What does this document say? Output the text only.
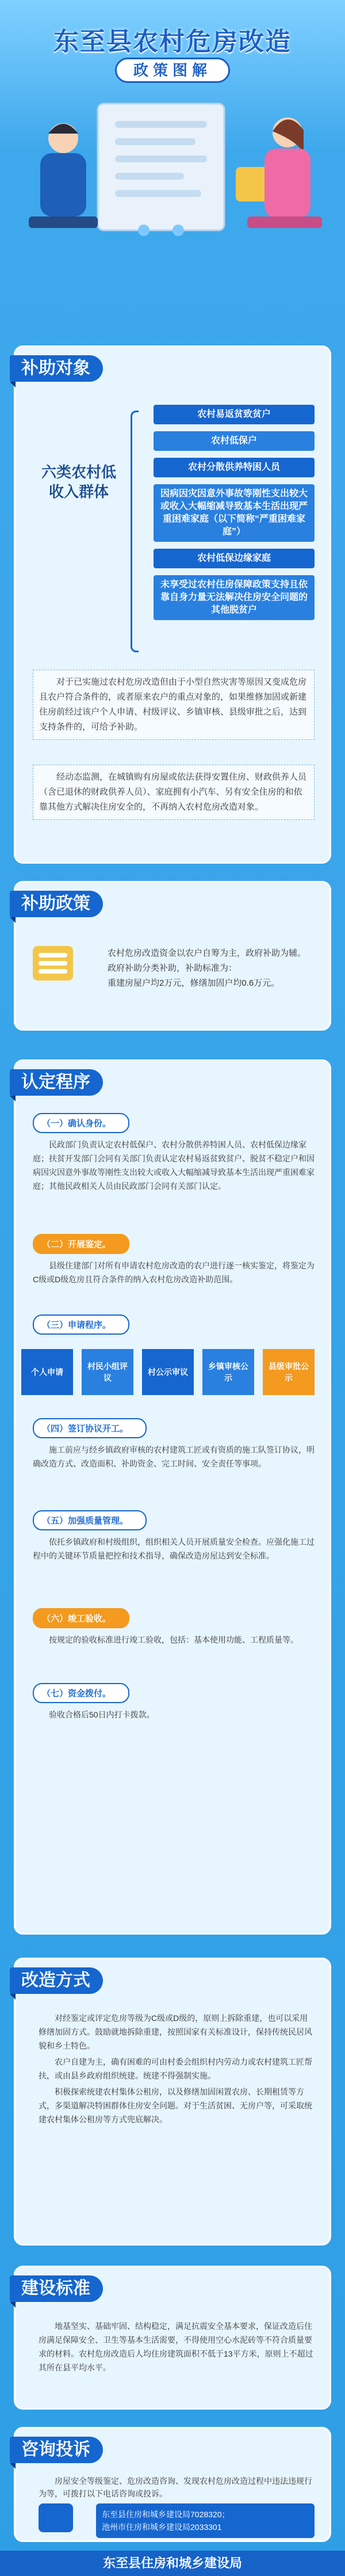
东至县农村危房改造
政策图解
补助对象
六类农村低收入群体
农村易返贫致贫户
农村低保户
农村分散供养特困人员
因病因灾因意外事故等刚性支出较大或收入大幅缩减导致基本生活出现严重困难家庭（以下简称“严重困难家庭”）
农村低保边缘家庭
未享受过农村住房保障政策支持且依靠自身力量无法解决住房安全问题的其他脱贫户

对于已实施过农村危房改造但由于小型自然灾害等原因又变成危房且农户符合条件的，或者原来农户的重点对象的，如果维修加固或新建住房前经过该户个人申请、村级评议、乡镇审核、县级审批之后，达到支持条件的，可给予补助。

经动态监测，在城镇购有房屋或依法获得安置住房、财政供养人员（含已退休的财政供养人员）、家庭拥有小汽车、另有安全住房的和依靠其他方式解决住房安全的，不再纳入农村危房改造对象。

补助政策

农村危房改造资金以农户自筹为主，政府补助为辅。

政府补助分类补助，补助标准为：

重建房屋户均2万元，修缮加固户均0.6万元。

认定程序
（一）确认身份。

民政部门负责认定农村低保户、农村分散供养特困人员、农村低保边缘家庭；扶贫开发部门会同有关部门负责认定农村易返贫致贫户、脱贫不稳定户和因病因灾因意外事故等刚性支出较大或收入大幅缩减导致基本生活出现严重困难家庭；其他民政相关人员由民政部门会同有关部门认定。

（二）开展鉴定。

县级住建部门对所有申请农村危房改造的农户进行逐一核实鉴定，将鉴定为C级或D级危房且符合条件的纳入农村危房改造补助范围。

（三）申请程序。
个人申请
村民小组评议
村公示审议
乡镇审核公示
县级审批公示
（四）签订协议开工。

施工前应与经乡镇政府审核的农村建筑工匠或有资质的施工队签订协议，明确改造方式、改造面积、补助资金、完工时间、安全责任等事项。

（五）加强质量管理。

依托乡镇政府和村级组织，组织相关人员开展质量安全检查。应强化施工过程中的关键环节质量把控和技术指导，确保改造房屋达到安全标准。

（六）竣工验收。

按规定的验收标准进行竣工验收，包括：基本使用功能、工程质量等。

（七）资金拨付。

验收合格后50日内打卡拨款。

改造方式

对经鉴定或评定危房等级为C级或D级的，原则上拆除重建，也可以采用修缮加固方式。鼓励就地拆除重建，按照国家有关标准设计，保持传统民居风貌和乡土特色。

农户自建为主，确有困难的可由村委会组织村内劳动力或农村建筑工匠帮扶，或由县乡政府组织统建。统建不得强制实施。

积极探索统建农村集体公租房，以及修缮加固闲置农房、长期租赁等方式，多渠道解决特困群体住房安全问题。对于生活贫困、无房户等，可采取统建农村集体公租房等方式兜底解决。

建设标准

地基坚实、基础牢固、结构稳定，满足抗震安全基本要求，保证改造后住房满足保障安全、卫生等基本生活需要，不得使用空心水泥砖等不符合质量要求的材料。农村危房改造后人均住房建筑面积不低于13平方米，原则上不超过其所在县平均水平。

咨询投诉

房屋安全等级鉴定、危房改造咨询、发现农村危房改造过程中违法违规行为等，可拨打以下电话咨询或投诉。

东至县住房和城乡建设局7028320；
池州市住房和城乡建设局2033301
东至县住房和城乡建设局
